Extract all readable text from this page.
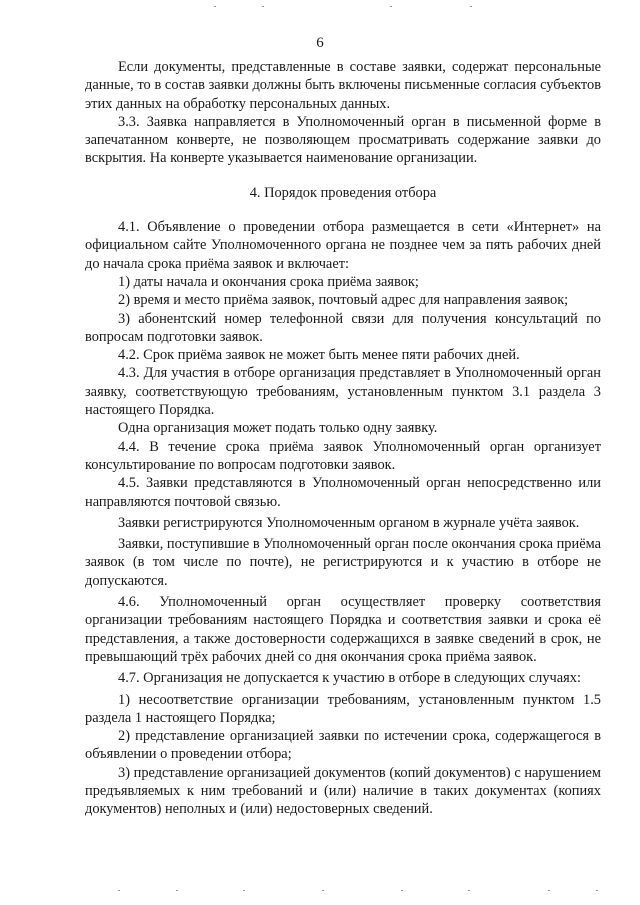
6

Если документы, представленные в составе заявки, содержат персональные данные, то в состав заявки должны быть включены письменные согласия субъектов этих данных на обработку персональных данных.

3.3. Заявка направляется в Уполномоченный орган в письменной форме в запечатанном конверте, не позволяющем просматривать содержание заявки до вскрытия. На конверте указывается наименование организации.

4. Порядок проведения отбора

4.1. Объявление о проведении отбора размещается в сети «Интернет» на официальном сайте Уполномоченного органа не позднее чем за пять рабочих дней до начала срока приёма заявок и включает:

1) даты начала и окончания срока приёма заявок;

2) время и место приёма заявок, почтовый адрес для направления заявок;

3) абонентский номер телефонной связи для получения консультаций по вопросам подготовки заявок.

4.2. Срок приёма заявок не может быть менее пяти рабочих дней.

4.3. Для участия в отборе организация представляет в Уполномоченный орган заявку, соответствующую требованиям, установленным пунктом 3.1 раздела 3 настоящего Порядка.

Одна организация может подать только одну заявку.

4.4. В течение срока приёма заявок Уполномоченный орган организует консультирование по вопросам подготовки заявок.

4.5. Заявки представляются в Уполномоченный орган непосредственно или направляются почтовой связью.

Заявки регистрируются Уполномоченным органом в журнале учёта заявок.

Заявки, поступившие в Уполномоченный орган после окончания срока приёма заявок (в том числе по почте), не регистрируются и к участию в отборе не допускаются.

4.6. Уполномоченный орган осуществляет проверку соответствия организации требованиям настоящего Порядка и соответствия заявки и срока её представления, а также достоверности содержащихся в заявке сведений в срок, не превышающий трёх рабочих дней со дня окончания срока приёма заявок.

4.7. Организация не допускается к участию в отборе в следующих случаях:

1) несоответствие организации требованиям, установленным пунктом 1.5 раздела 1 настоящего Порядка;

2) представление организацией заявки по истечении срока, содержащегося в объявлении о проведении отбора;

3) представление организацией документов (копий документов) с нарушением предъявляемых к ним требований и (или) наличие в таких документах (копиях документов) неполных и (или) недостоверных сведений.
